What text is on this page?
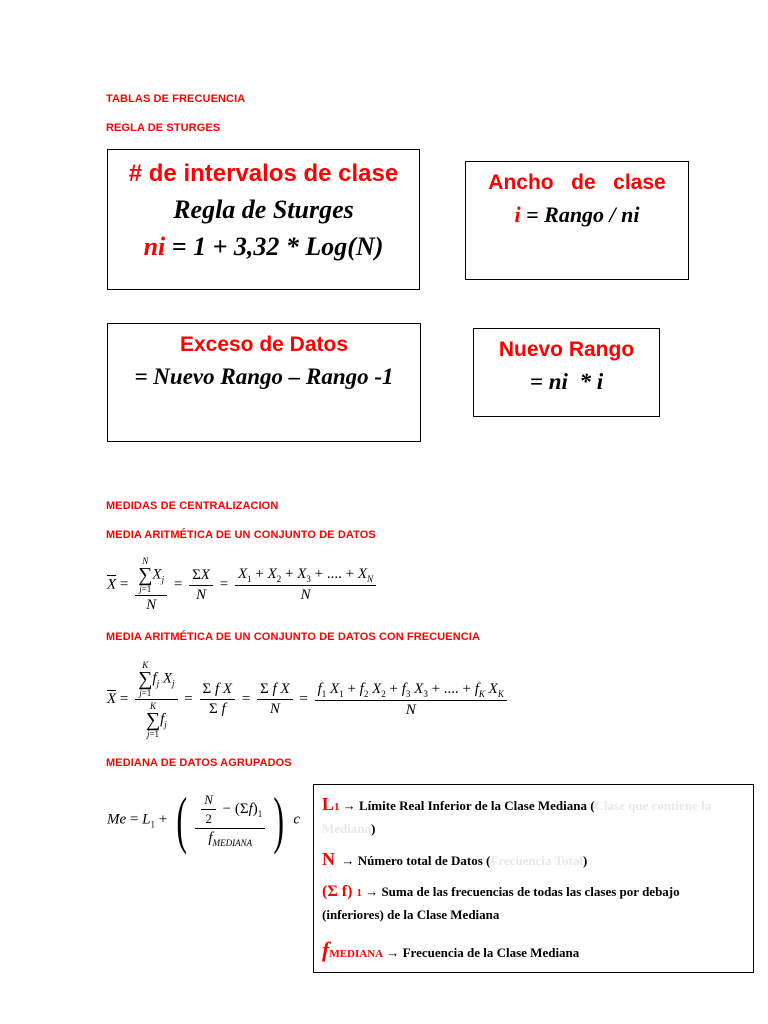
TABLAS DE FRECUENCIA
REGLA DE STURGES
# de intervalos de clase
Regla de Sturges
ni = 1 + 3,32 * Log(N)
Ancho   de   clase
i = Rango / ni
Exceso de Datos
= Nuevo Rango – Rango -1
Nuevo Rango
= ni  * i
MEDIDAS DE CENTRALIZACION
MEDIA ARITMÉTICA DE UN CONJUNTO DE DATOS
$\overline{X} = N$
∑
j=1
$X_j$
$N = \frac{\Sigma X}{N} = \frac{X_1 + X_2 + X_3 + .... + X_N}{N}$
MEDIA ARITMÉTICA DE UN CONJUNTO DE DATOS CON FRECUENCIA
$\overline{X} = K$
∑
j=1
$f_j$ $X_j$
K
∑
j=1
$f_j = \frac{\text{Σ f X}}{\text{Σ f}} = \frac{\text{Σ f X}}{N} = \frac{f_1 X_1 + f_2 X_2 + f_3 X_3 + .... + f_K X_K}{N}$
MEDIANA DE DATOS AGRUPADOS
$Me = L_1$ + ( $\frac{\frac{N}{2} - (\Sigma f)_1}{f_{MEDIANA}}$ ) c
L1 → Límite Real Inferior de la Clase Mediana (Clase que contiene la Mediana)
N  → Número total de Datos (Frecuencia Total)
(Σ f) 1 → Suma de las frecuencias de todas las clases por debajo
(inferiores) de la Clase Mediana
fMEDIANA → Frecuencia de la Clase Mediana
